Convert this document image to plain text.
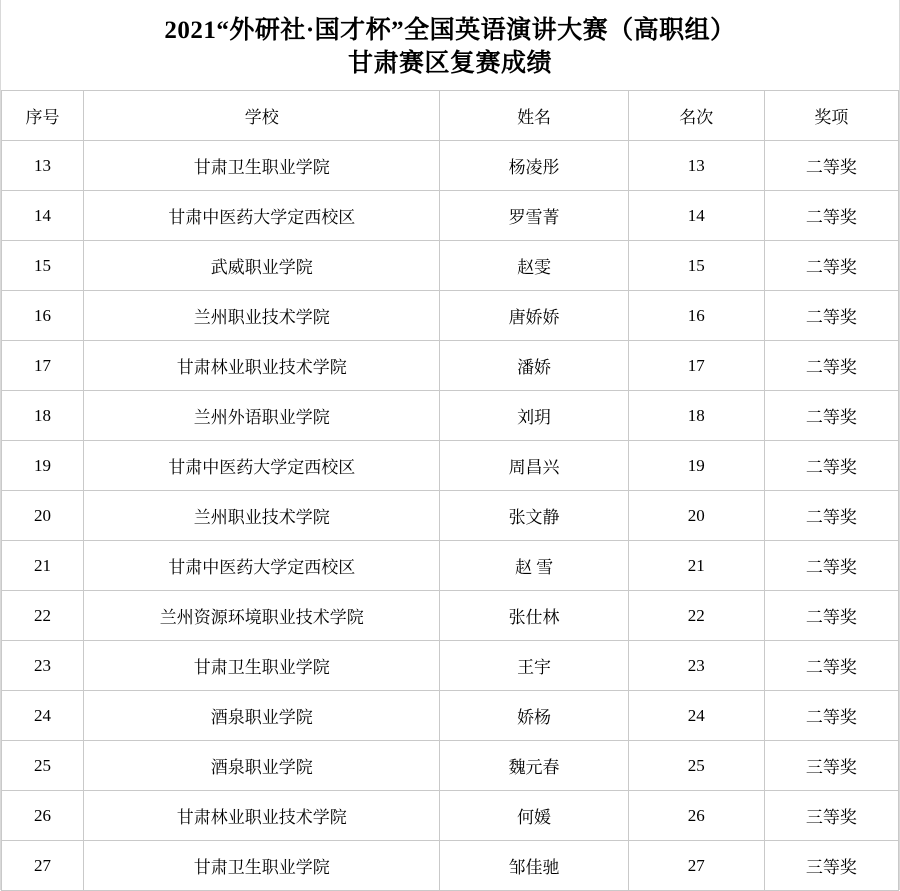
2021“外研社·国才杯”全国英语演讲大赛（高职组）
甘肃赛区复赛成绩
序号	学校	姓名	名次	奖项
13	甘肃卫生职业学院	杨凌彤	13	二等奖
14	甘肃中医药大学定西校区	罗雪菁	14	二等奖
15	武威职业学院	赵雯	15	二等奖
16	兰州职业技术学院	唐娇娇	16	二等奖
17	甘肃林业职业技术学院	潘娇	17	二等奖
18	兰州外语职业学院	刘玥	18	二等奖
19	甘肃中医药大学定西校区	周昌兴	19	二等奖
20	兰州职业技术学院	张文静	20	二等奖
21	甘肃中医药大学定西校区	赵 雪	21	二等奖
22	兰州资源环境职业技术学院	张仕林	22	二等奖
23	甘肃卫生职业学院	王宇	23	二等奖
24	酒泉职业学院	娇杨	24	二等奖
25	酒泉职业学院	魏元春	25	三等奖
26	甘肃林业职业技术学院	何媛	26	三等奖
27	甘肃卫生职业学院	邹佳驰	27	三等奖
